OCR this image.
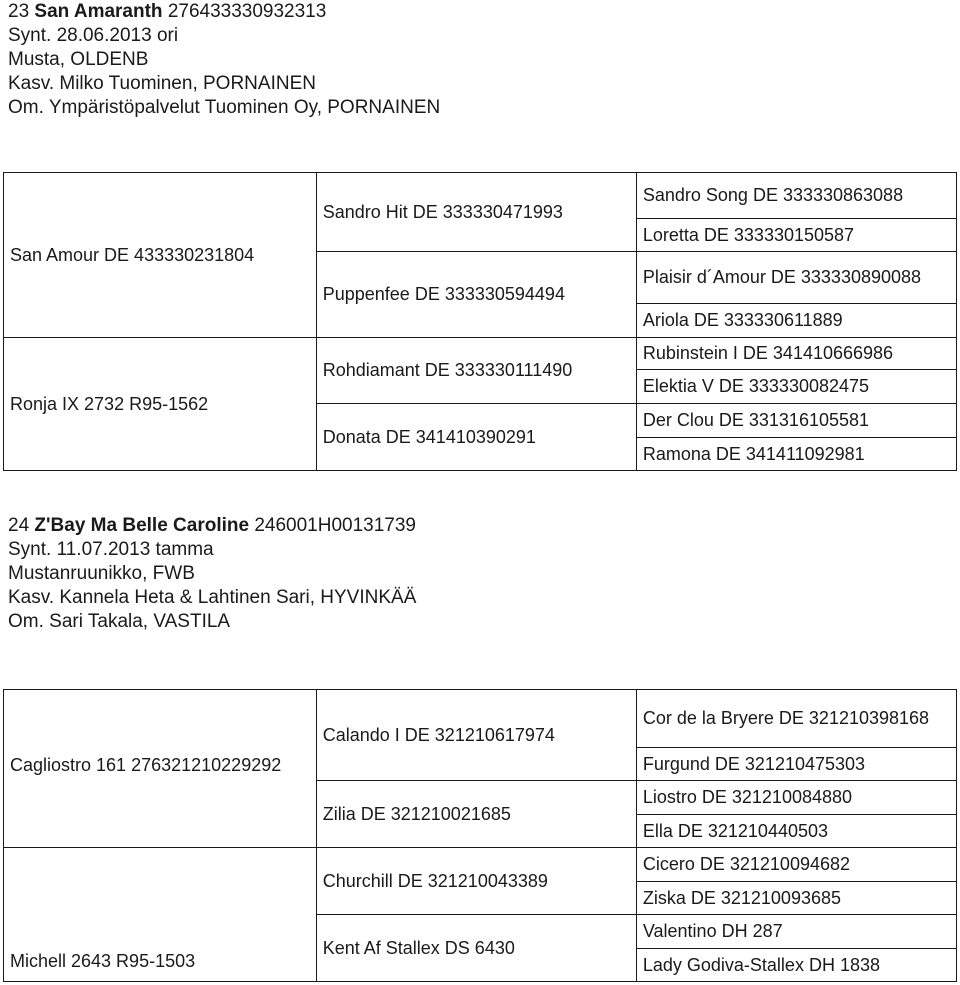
23 San Amaranth 276433330932313
Synt. 28.06.2013 ori
Musta, OLDENB
Kasv. Milko Tuominen, PORNAINEN
Om. Ympäristöpalvelut Tuominen Oy, PORNAINEN
San Amour DE 433330231804	Sandro Hit DE 333330471993	Sandro Song DE 333330863088
		Loretta DE 333330150587
	Puppenfee DE 333330594494	Plaisir d´Amour DE 333330890088
		Ariola DE 333330611889
Ronja IX 2732 R95-1562	Rohdiamant DE 333330111490	Rubinstein I DE 341410666986
		Elektia V DE 333330082475
	Donata DE 341410390291	Der Clou DE 331316105581
		Ramona DE 341411092981
24 Z'Bay Ma Belle Caroline 246001H00131739
Synt. 11.07.2013 tamma
Mustanruunikko, FWB
Kasv. Kannela Heta & Lahtinen Sari, HYVINKÄÄ
Om. Sari Takala, VASTILA
Cagliostro 161 276321210229292	Calando I DE 321210617974	Cor de la Bryere DE 321210398168
		Furgund DE 321210475303
	Zilia DE 321210021685	Liostro DE 321210084880
		Ella DE 321210440503
Michell 2643 R95-1503	Churchill DE 321210043389	Cicero DE 321210094682
		Ziska DE 321210093685
	Kent Af Stallex DS 6430	Valentino DH 287
		Lady Godiva-Stallex DH 1838
